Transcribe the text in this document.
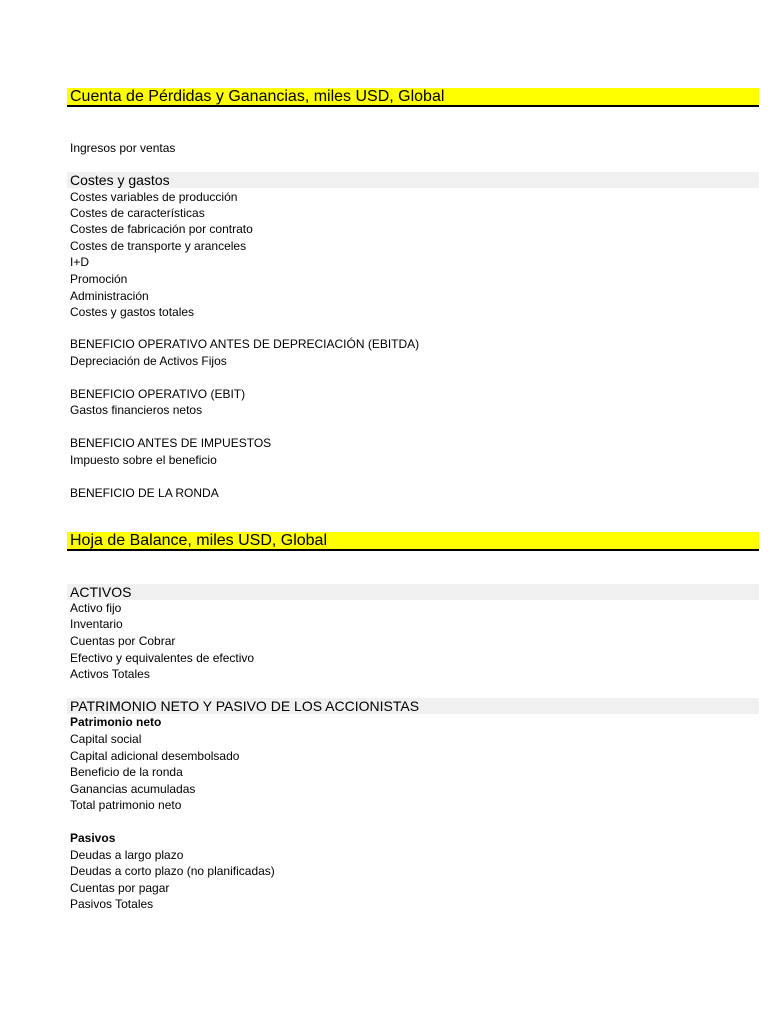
Cuenta de Pérdidas y Ganancias, miles USD, Global
Ingresos por ventas
Costes y gastos
Costes variables de producción
Costes de características
Costes de fabricación por contrato
Costes de transporte y aranceles
I+D
Promoción
Administración
Costes y gastos totales
BENEFICIO OPERATIVO ANTES DE DEPRECIACIÓN (EBITDA)
Depreciación de Activos Fijos
BENEFICIO OPERATIVO (EBIT)
Gastos financieros netos
BENEFICIO ANTES DE IMPUESTOS
Impuesto sobre el beneficio
BENEFICIO DE LA RONDA
Hoja de Balance, miles USD, Global
ACTIVOS
Activo fijo
Inventario
Cuentas por Cobrar
Efectivo y equivalentes de efectivo
Activos Totales
PATRIMONIO NETO Y PASIVO DE LOS ACCIONISTAS
Patrimonio neto
Capital social
Capital adicional desembolsado
Beneficio de la ronda
Ganancias acumuladas
Total patrimonio neto
Pasivos
Deudas a largo plazo
Deudas a corto plazo (no planificadas)
Cuentas por pagar
Pasivos Totales
